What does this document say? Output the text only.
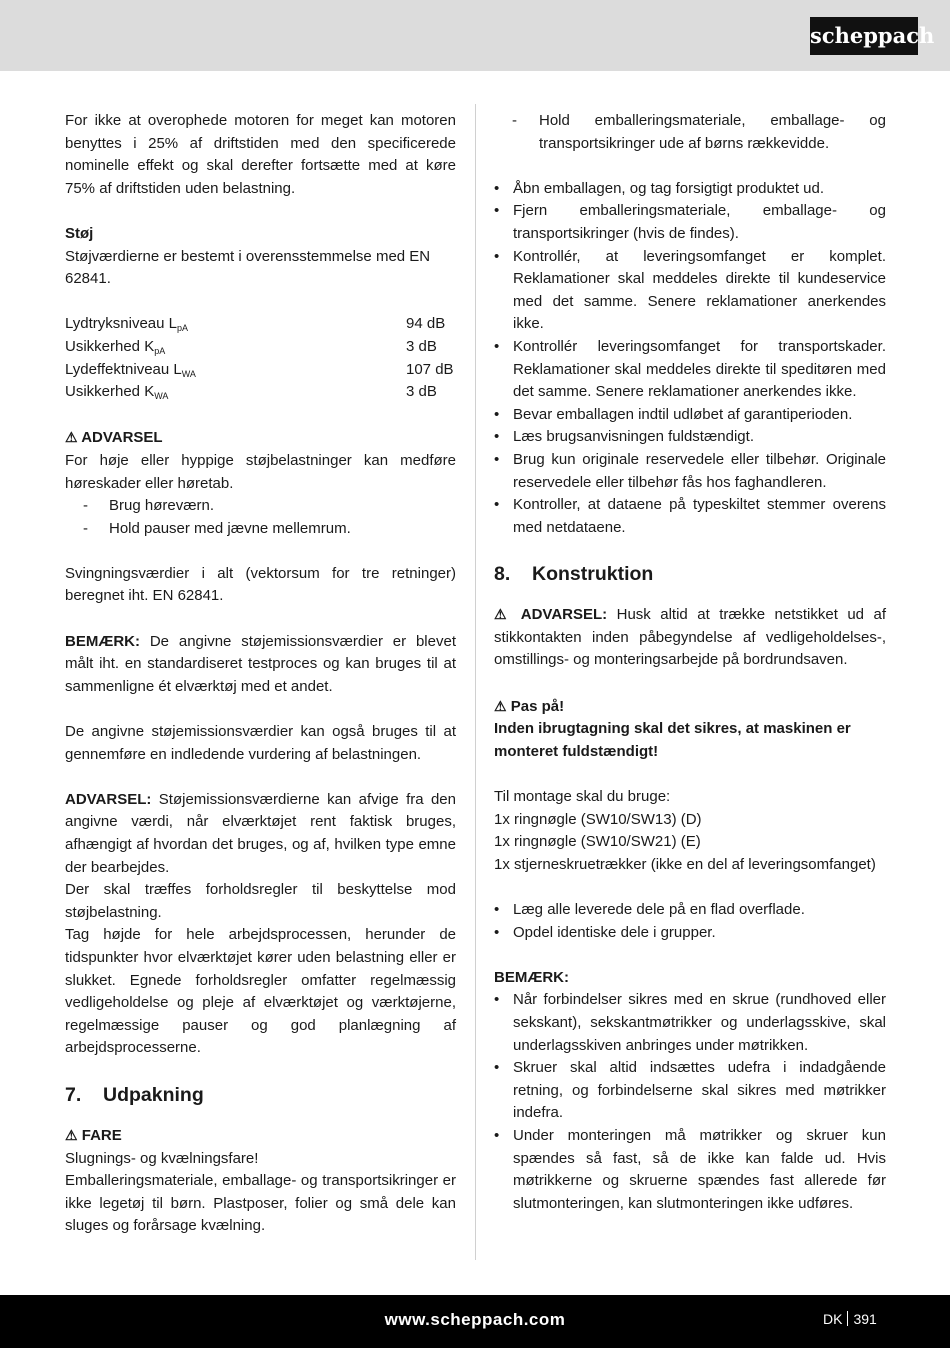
scheppach

For ikke at overophede motoren for meget kan motoren benyttes i 25% af driftstiden med den specificerede nominelle effekt og skal derefter fortsætte med at køre 75% af driftstiden uden belastning.

Støj

Støjværdierne er bestemt i overensstemmelse med EN 62841.

Lydtryksniveau $L_{pA}$	94 dB
Usikkerhed $K_{pA}$	3 dB
Lydeffektniveau $L_{WA}$	107 dB
Usikkerhed $K_{WA}$	3 dB

⚠ ADVARSEL

For høje eller hyppige støjbelastninger kan medføre høreskader eller høretab.

-	Brug høreværn.
-	Hold pauser med jævne mellemrum.

Svingningsværdier i alt (vektorsum for tre retninger) beregnet iht. EN 62841.

BEMÆRK: De angivne støjemissionsværdier er blevet målt iht. en standardiseret testproces og kan bruges til at sammenligne ét elværktøj med et andet.

De angivne støjemissionsværdier kan også bruges til at gennemføre en indledende vurdering af belastningen.

ADVARSEL: Støjemissionsværdierne kan afvige fra den angivne værdi, når elværktøjet rent faktisk bruges, afhængigt af hvordan det bruges, og af, hvilken type emne der bearbejdes.

Der skal træffes forholdsregler til beskyttelse mod støjbelastning.

Tag højde for hele arbejdsprocessen, herunder de tidspunkter hvor elværktøjet kører uden belastning eller er slukket. Egnede forholdsregler omfatter regelmæssig vedligeholdelse og pleje af elværktøjet og værktøjerne, regelmæssige pauser og god planlægning af arbejdsprocesserne.

7. Udpakning

⚠ FARE

Slugnings- og kvælningsfare!

Emballeringsmateriale, emballage- og transportsikringer er ikke legetøj til børn. Plastposer, folier og små dele kan sluges og forårsage kvælning.

-	Hold emballeringsmateriale, emballage- og transportsikringer ude af børns rækkevidde.
• Åbn emballagen, og tag forsigtigt produktet ud.
• Fjern emballeringsmateriale, emballage- og transportsikringer (hvis de findes).
• Kontrollér, at leveringsomfanget er komplet. Reklamationer skal meddeles direkte til kundeservice med det samme. Senere reklamationer anerkendes ikke.
• Kontrollér leveringsomfanget for transportskader. Reklamationer skal meddeles direkte til speditøren med det samme. Senere reklamationer anerkendes ikke.
• Bevar emballagen indtil udløbet af garantiperioden.
• Læs brugsanvisningen fuldstændigt.
• Brug kun originale reservedele eller tilbehør. Originale reservedele eller tilbehør fås hos faghandleren.
• Kontroller, at dataene på typeskiltet stemmer overens med netdataene.

8. Konstruktion

⚠ ADVARSEL: Husk altid at trække netstikket ud af stikkontakten inden påbegyndelse af vedligeholdelses-, omstillings- og monteringsarbejde på bordrundsaven.

⚠ Pas på!

Inden ibrugtagning skal det sikres, at maskinen er monteret fuldstændigt!

Til montage skal du bruge:

1x ringnøgle (SW10/SW13) (D)

1x ringnøgle (SW10/SW21) (E)

1x stjerneskruetrækker (ikke en del af leveringsomfanget)

• Læg alle leverede dele på en flad overflade.
• Opdel identiske dele i grupper.

BEMÆRK:

• Når forbindelser sikres med en skrue (rundhoved eller sekskant), sekskantmøtrikker og underlagsskive, skal underlagsskiven anbringes under møtrikken.
• Skruer skal altid indsættes udefra i indadgående retning, og forbindelserne skal sikres med møtrikker indefra.
• Under monteringen må møtrikker og skruer kun spændes så fast, så de ikke kan falde ud. Hvis møtrikkerne og skruerne spændes fast allerede før slutmonteringen, kan slutmonteringen ikke udføres.
www.scheppach.com	DK 391
